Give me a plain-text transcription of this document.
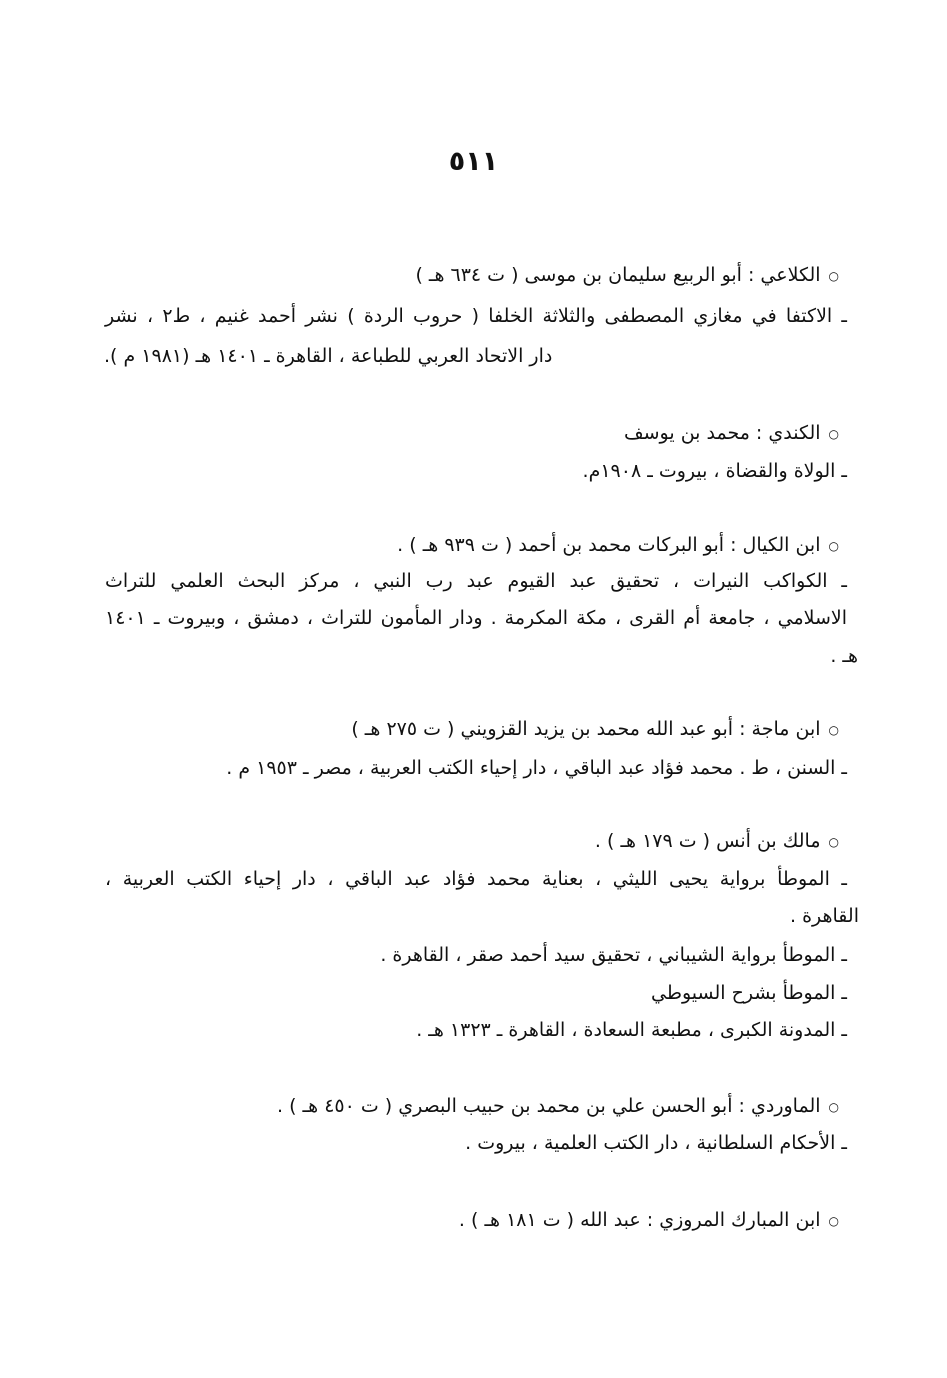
٥١١
○الكلاعي : أبو الربيع سليمان بن موسى ( ت ٦٣٤ هـ )
ـ الاكتفا في مغازي المصطفى والثلاثة الخلفا ( حروب الردة ) نشر أحمد غنيم ، ط٢ ، نشر
دار الاتحاد العربي للطباعة ، القاهرة ـ ١٤٠١ هـ (١٩٨١ م ).
○الكندي : محمد بن يوسف
ـ الولاة والقضاة ، بيروت ـ ١٩٠٨م.
○ابن الكيال : أبو البركات محمد بن أحمد ( ت ٩٣٩ هـ ) .
ـ الكواكب النيرات ، تحقيق عبد القيوم عبد رب النبي ، مركز البحث العلمي للتراث
الاسلامي ، جامعة أم القرى ، مكة المكرمة . ودار المأمون للتراث ، دمشق ، وبيروت ـ ١٤٠١
هـ .
○ابن ماجة : أبو عبد الله محمد بن يزيد القزويني ( ت ٢٧٥ هـ )
ـ السنن ، ط . محمد فؤاد عبد الباقي ، دار إحياء الكتب العربية ، مصر ـ ١٩٥٣ م .
○مالك بن أنس ( ت ١٧٩ هـ ) .
ـ الموطأ برواية يحيى الليثي ، بعناية محمد فؤاد عبد الباقي ، دار إحياء الكتب العربية ،
القاهرة .
ـ الموطأ برواية الشيباني ، تحقيق سيد أحمد صقر ، القاهرة .
ـ الموطأ بشرح السيوطي
ـ المدونة الكبرى ، مطبعة السعادة ، القاهرة ـ ١٣٢٣ هـ .
○الماوردي : أبو الحسن علي بن محمد بن حبيب البصري ( ت ٤٥٠ هـ ) .
ـ الأحكام السلطانية ، دار الكتب العلمية ، بيروت .
○ابن المبارك المروزي : عبد الله ( ت ١٨١ هـ ) .
